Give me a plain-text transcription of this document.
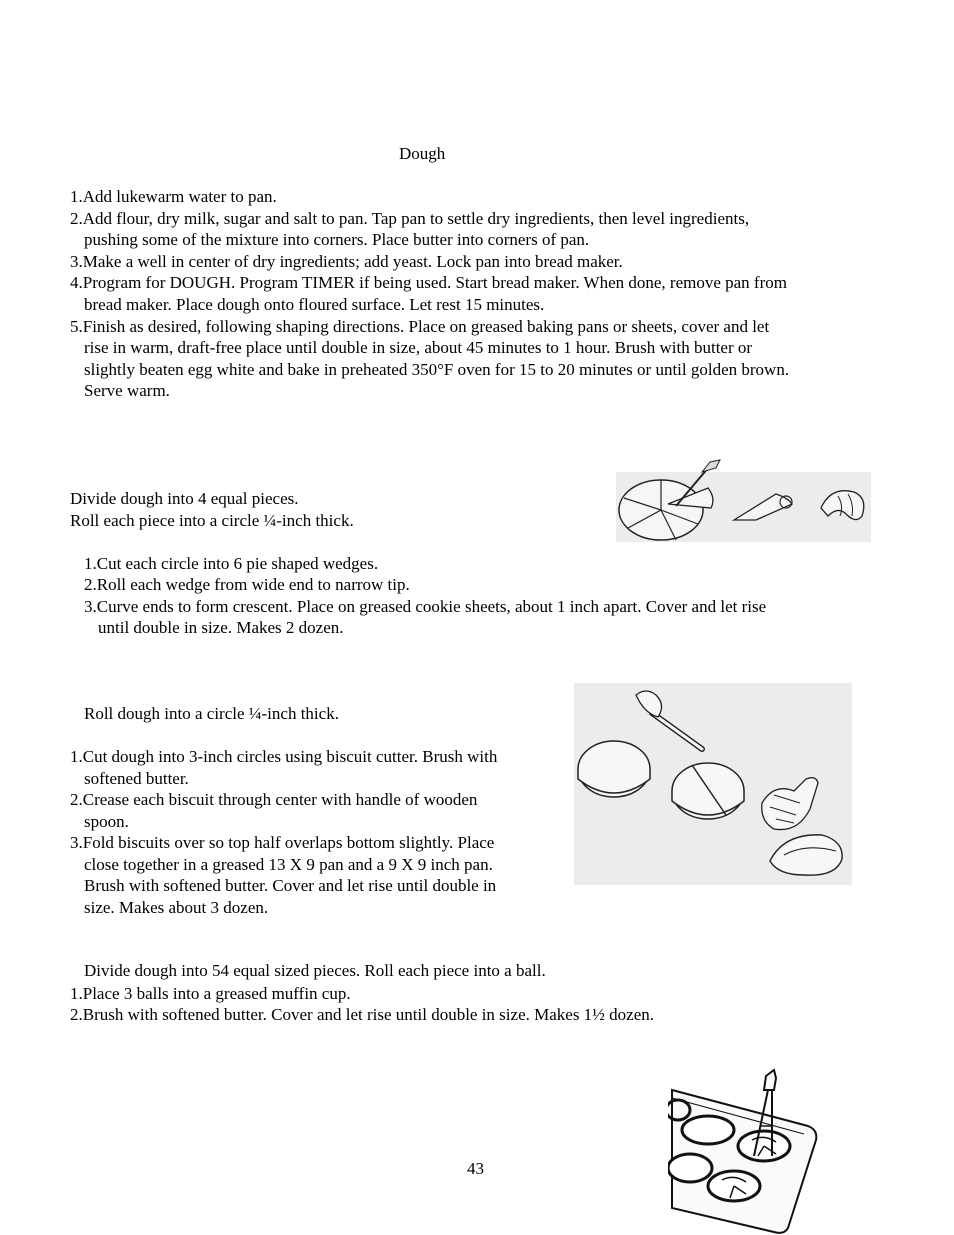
Dough
1.Add lukewarm water to pan.
2.Add flour, dry milk, sugar and salt to pan. Tap pan to settle dry ingredients, then level ingredients,
pushing some of the mixture into corners. Place butter into corners of pan.
3.Make a well in center of dry ingredients; add yeast. Lock pan into bread maker.
4.Program for DOUGH. Program TIMER if being used. Start bread maker. When done, remove pan from
bread maker. Place dough onto floured surface. Let rest 15 minutes.
5.Finish as desired, following shaping directions. Place on greased baking pans or sheets, cover and let
rise in warm, draft-free place until double in size, about 45 minutes to 1 hour. Brush with butter or
slightly beaten egg white and bake in preheated 350°F oven for 15 to 20 minutes or until golden brown.
Serve warm.
Divide dough into 4 equal pieces.
Roll each piece into a circle ¼-inch thick.
1.Cut each circle into 6 pie shaped wedges.
2.Roll each wedge from wide end to narrow tip.
3.Curve ends to form crescent. Place on greased cookie sheets, about 1 inch apart. Cover and let rise
until double in size. Makes 2 dozen.
Roll dough into a circle ¼-inch thick.
1.Cut dough into 3-inch circles using biscuit cutter. Brush with
softened butter.
2.Crease each biscuit through center with handle of wooden
spoon.
3.Fold biscuits over so top half overlaps bottom slightly. Place
close together in a greased 13 X 9 pan and a 9 X 9 inch pan.
Brush with softened butter. Cover and let rise until double in
size. Makes about 3 dozen.
Divide dough into 54 equal sized pieces. Roll each piece into a ball.
1.Place 3 balls into a greased muffin cup.
2.Brush with softened butter. Cover and let rise until double in size. Makes 1½ dozen.
43
